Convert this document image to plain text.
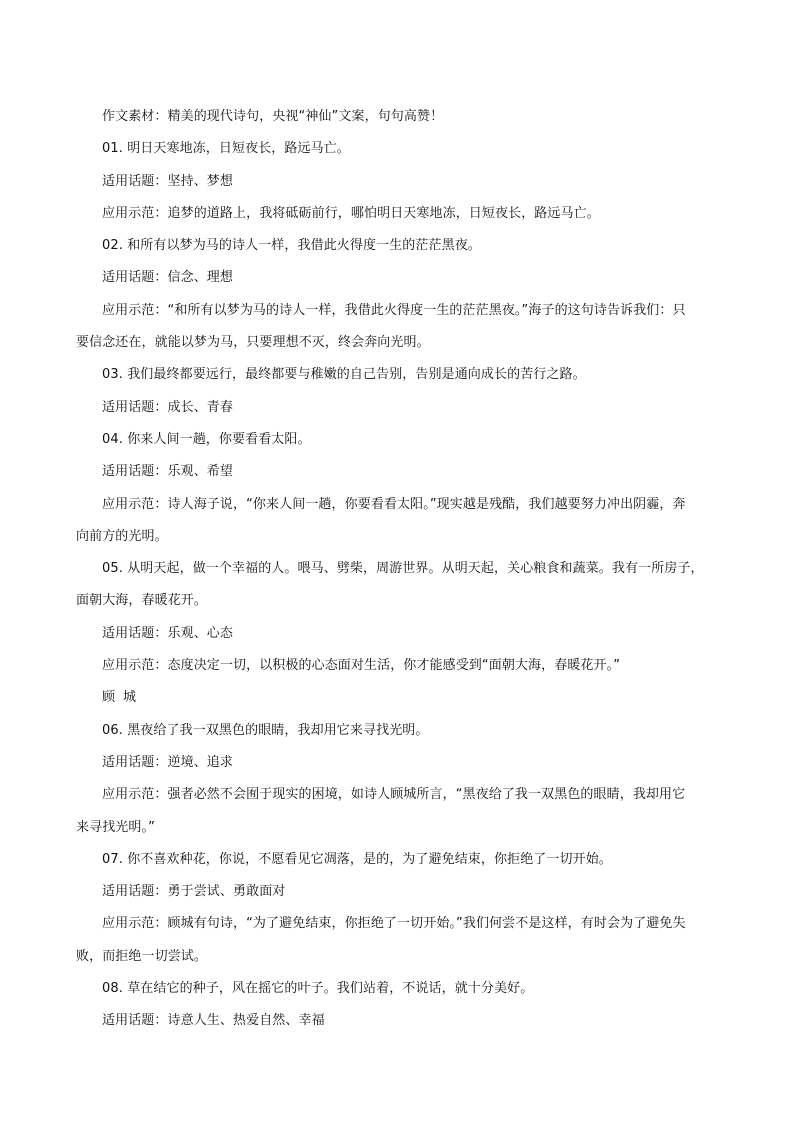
作文素材：精美的现代诗句，央视“神仙”文案，句句高赞！
01. 明日天寒地冻，日短夜长，路远马亡。
适用话题：坚持、梦想
应用示范：追梦的道路上，我将砥砺前行，哪怕明日天寒地冻，日短夜长，路远马亡。
02. 和所有以梦为马的诗人一样，我借此火得度一生的茫茫黑夜。
适用话题：信念、理想
应用示范：“和所有以梦为马的诗人一样，我借此火得度一生的茫茫黑夜。”海子的这句诗告诉我们：只
要信念还在，就能以梦为马，只要理想不灭，终会奔向光明。
03. 我们最终都要远行，最终都要与稚嫩的自己告别，告别是通向成长的苦行之路。
适用话题：成长、青春
04. 你来人间一趟，你要看看太阳。
适用话题：乐观、希望
应用示范：诗人海子说，“你来人间一趟，你要看看太阳。”现实越是残酷，我们越要努力冲出阴霾，奔
向前方的光明。
05. 从明天起，做一个幸福的人。喂马、劈柴，周游世界。从明天起，关心粮食和蔬菜。我有一所房子，
面朝大海，春暖花开。
适用话题：乐观、心态
应用示范：态度决定一切，以积极的心态面对生活，你才能感受到“面朝大海，春暖花开。”
顾城
06. 黑夜给了我一双黑色的眼睛，我却用它来寻找光明。
适用话题：逆境、追求
应用示范：强者必然不会囿于现实的困境，如诗人顾城所言，“黑夜给了我一双黑色的眼睛，我却用它
来寻找光明。”
07. 你不喜欢种花，你说，不愿看见它凋落，是的，为了避免结束，你拒绝了一切开始。
适用话题：勇于尝试、勇敢面对
应用示范：顾城有句诗，“为了避免结束，你拒绝了一切开始。”我们何尝不是这样，有时会为了避免失
败，而拒绝一切尝试。
08. 草在结它的种子，风在摇它的叶子。我们站着，不说话，就十分美好。
适用话题：诗意人生、热爱自然、幸福
